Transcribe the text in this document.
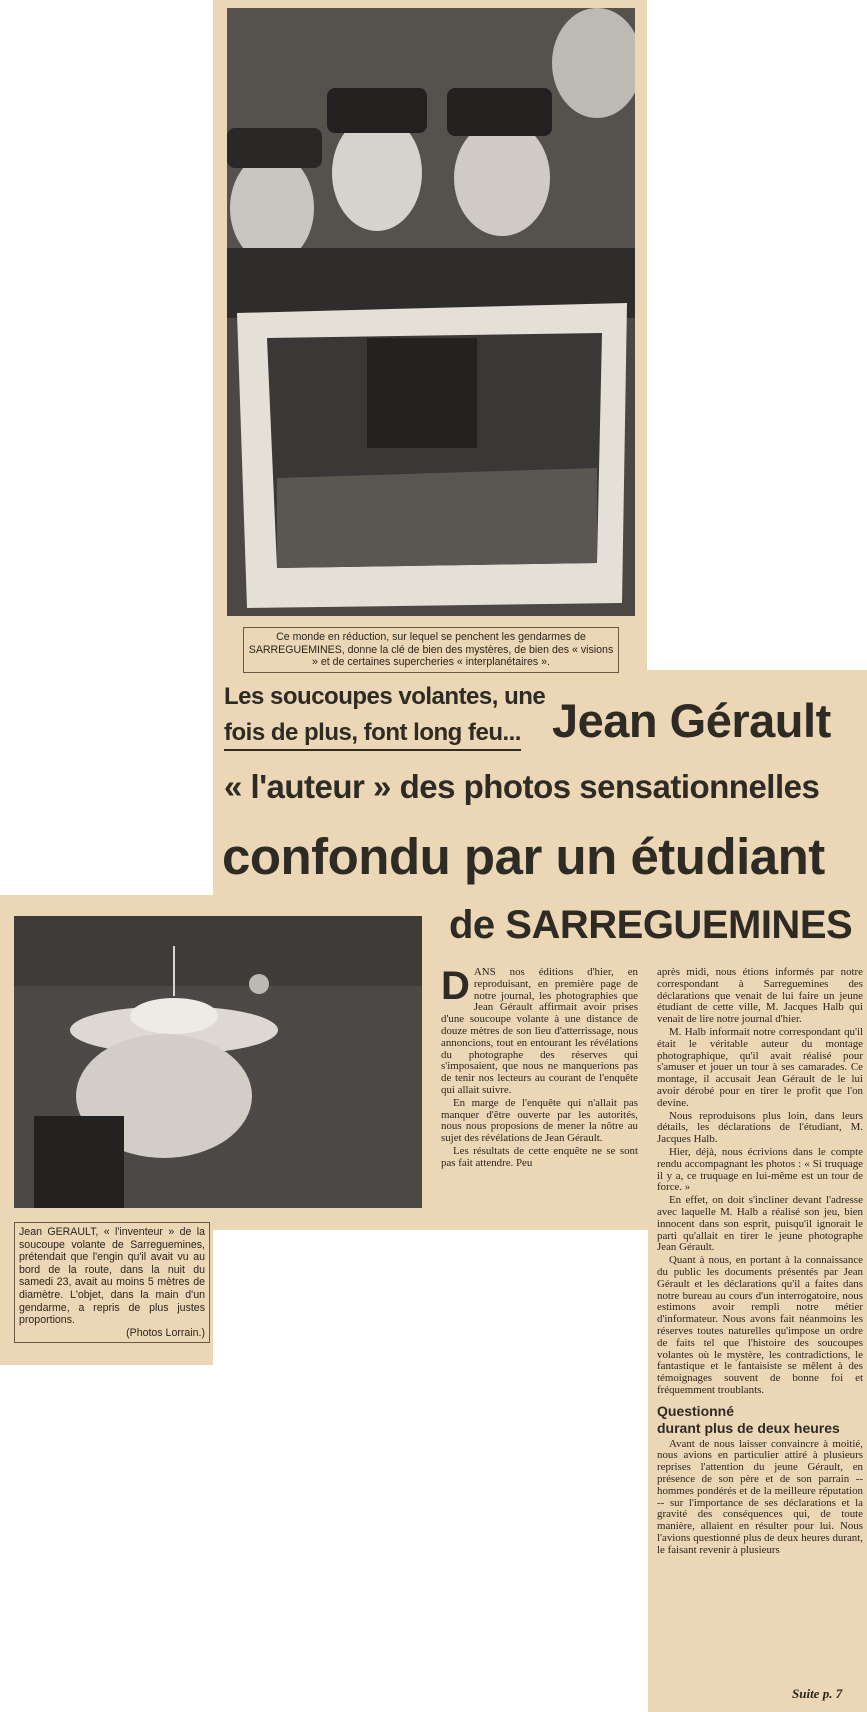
Ce monde en réduction, sur lequel se penchent les gendarmes de SARREGUEMINES, donne la clé de bien des mystères, de bien des « visions » et de certaines supercheries « interplanétaires ».
Les soucoupes volantes, une
fois de plus, font long feu... Jean Gérault
« l'auteur » des photos sensationnelles
confondu par un étudiant
de SARREGUEMINES
Jean GERAULT, « l'inventeur » de la soucoupe volante de Sarreguemines, prétendait que l'engin qu'il avait vu au bord de la route, dans la nuit du samedi 23, avait au moins 5 mètres de diamètre. L'objet, dans la main d'un gendarme, a repris de plus justes proportions.
(Photos Lorrain.)
D ANS nos éditions d'hier, en reproduisant, en première page de notre journal, les photographies que Jean Gérault affirmait avoir prises d'une soucoupe volante à une distance de douze mètres de son lieu d'atterrissage, nous annoncions, tout en entourant les révélations du photographe des réserves qui s'imposaient, que nous ne manquerions pas de tenir nos lecteurs au courant de l'enquête qui allait suivre.

En marge de l'enquête qui n'allait pas manquer d'être ouverte par les autorités, nous nous proposions de mener la nôtre au sujet des révélations de Jean Gérault.

Les résultats de cette enquête ne se sont pas fait attendre. Peu

après midi, nous étions informés par notre correspondant à Sarreguemines des déclarations que venait de lui faire un jeune étudiant de cette ville, M. Jacques Halb qui venait de lire notre journal d'hier.

M. Halb informait notre correspondant qu'il était le véritable auteur du montage photographique, qu'il avait réalisé pour s'amuser et jouer un tour à ses camarades. Ce montage, il accusait Jean Gérault de le lui avoir dérobé pour en tirer le profit que l'on devine.

Nous reproduisons plus loin, dans leurs détails, les déclarations de l'étudiant, M. Jacques Halb.

Hier, déjà, nous écrivions dans le compte rendu accompagnant les photos : « Si truquage il y a, ce truquage en lui-même est un tour de force. »

En effet, on doit s'incliner devant l'adresse avec laquelle M. Halb a réalisé son jeu, bien innocent dans son esprit, puisqu'il ignorait le parti qu'allait en tirer le jeune photographe Jean Gérault.

Quant à nous, en portant à la connaissance du public les documents présentés par Jean Gérault et les déclarations qu'il a faites dans notre bureau au cours d'un interrogatoire, nous estimons avoir rempli notre métier d'informateur. Nous avons fait néanmoins les réserves toutes naturelles qu'impose un ordre de faits tel que l'histoire des soucoupes volantes où le mystère, les contradictions, le fantastique et le fantaisiste se mêlent à des témoignages souvent de bonne foi et fréquemment troublants.

Questionné
durant plus de deux heures

Avant de nous laisser convaincre à moitié, nous avions en particulier attiré à plusieurs reprises l'attention du jeune Gérault, en présence de son père et de son parrain -- hommes pondérés et de la meilleure réputation -- sur l'importance de ses déclarations et la gravité des conséquences qui, de toute manière, allaient en résulter pour lui. Nous l'avions questionné plus de deux heures durant, le faisant revenir à plusieurs

Suite p. 7
